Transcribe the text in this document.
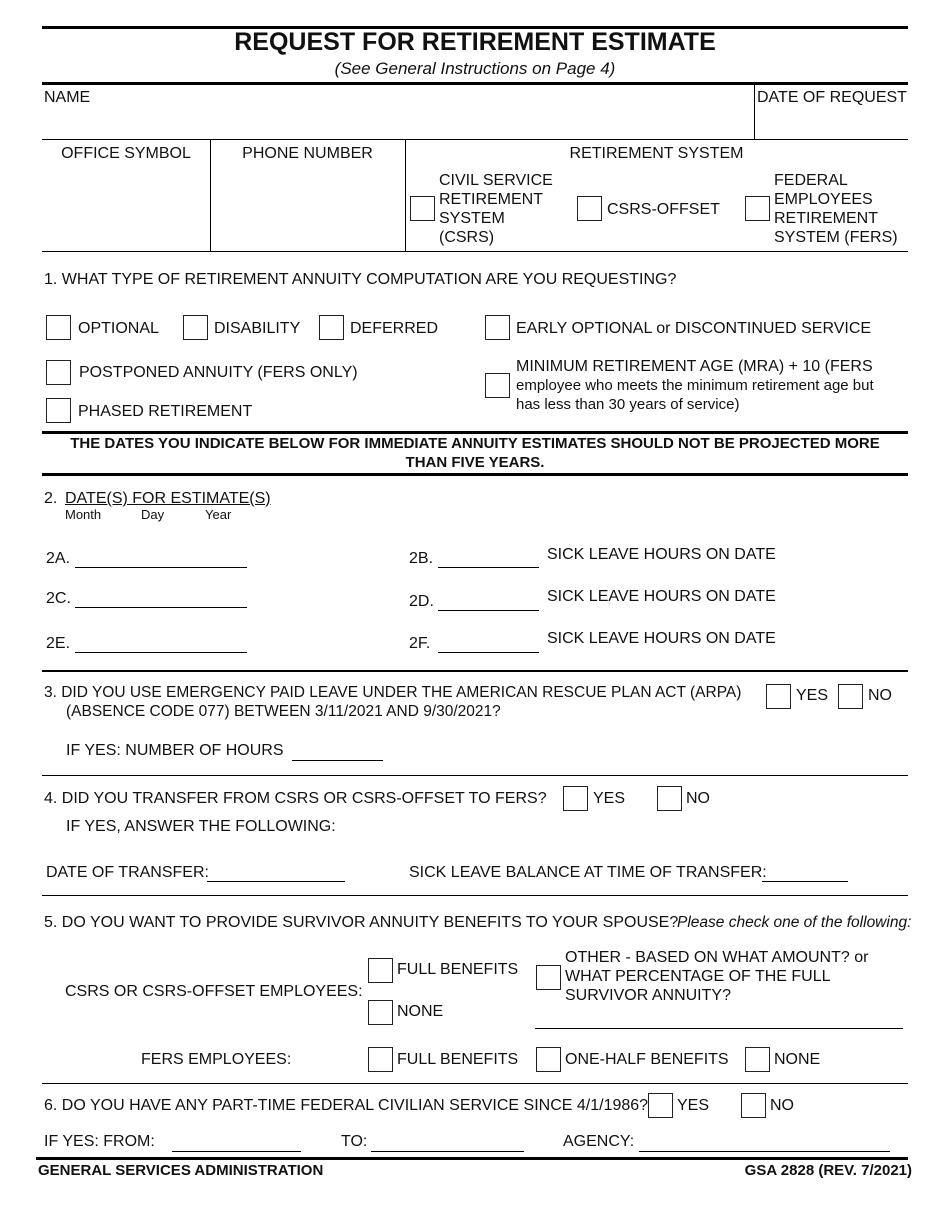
REQUEST FOR RETIREMENT ESTIMATE
(See General Instructions on Page 4)
NAME	DATE OF REQUEST
OFFICE SYMBOL	PHONE NUMBER	RETIREMENT SYSTEM
CIVIL SERVICE
RETIREMENT
SYSTEM
(CSRS)
CSRS-OFFSET
FEDERAL
EMPLOYEES
RETIREMENT
SYSTEM (FERS)
1. WHAT TYPE OF RETIREMENT ANNUITY COMPUTATION ARE YOU REQUESTING?
OPTIONAL	DISABILITY	DEFERRED	EARLY OPTIONAL or DISCONTINUED SERVICE
POSTPONED ANNUITY (FERS ONLY)	MINIMUM RETIREMENT AGE (MRA) + 10 (FERS
employee who meets the minimum retirement age but
has less than 30 years of service)
PHASED RETIREMENT
THE DATES YOU INDICATE BELOW FOR IMMEDIATE ANNUITY ESTIMATES SHOULD NOT BE PROJECTED MORE
THAN FIVE YEARS.
2. DATE(S) FOR ESTIMATE(S)
Month	Day	Year
2A.	2B.	SICK LEAVE HOURS ON DATE
2C.	2D.	SICK LEAVE HOURS ON DATE
2E.	2F.	SICK LEAVE HOURS ON DATE
3. DID YOU USE EMERGENCY PAID LEAVE UNDER THE AMERICAN RESCUE PLAN ACT (ARPA)
(ABSENCE CODE 077) BETWEEN 3/11/2021 AND 9/30/2021?
YES NO
IF YES: NUMBER OF HOURS
4. DID YOU TRANSFER FROM CSRS OR CSRS-OFFSET TO FERS?	YES	NO
IF YES, ANSWER THE FOLLOWING:
DATE OF TRANSFER:	SICK LEAVE BALANCE AT TIME OF TRANSFER:
5. DO YOU WANT TO PROVIDE SURVIVOR ANNUITY BENEFITS TO YOUR SPOUSE?
Please check one of the following:
CSRS OR CSRS-OFFSET EMPLOYEES:
FULL BENEFITS
NONE
OTHER - BASED ON WHAT AMOUNT? or
WHAT PERCENTAGE OF THE FULL
SURVIVOR ANNUITY?
FERS EMPLOYEES:	FULL BENEFITS	ONE-HALF BENEFITS	NONE
6. DO YOU HAVE ANY PART-TIME FEDERAL CIVILIAN SERVICE SINCE 4/1/1986? YES	NO
IF YES: FROM:	TO:	AGENCY:
GENERAL SERVICES ADMINISTRATION	GSA 2828 (REV. 7/2021)
